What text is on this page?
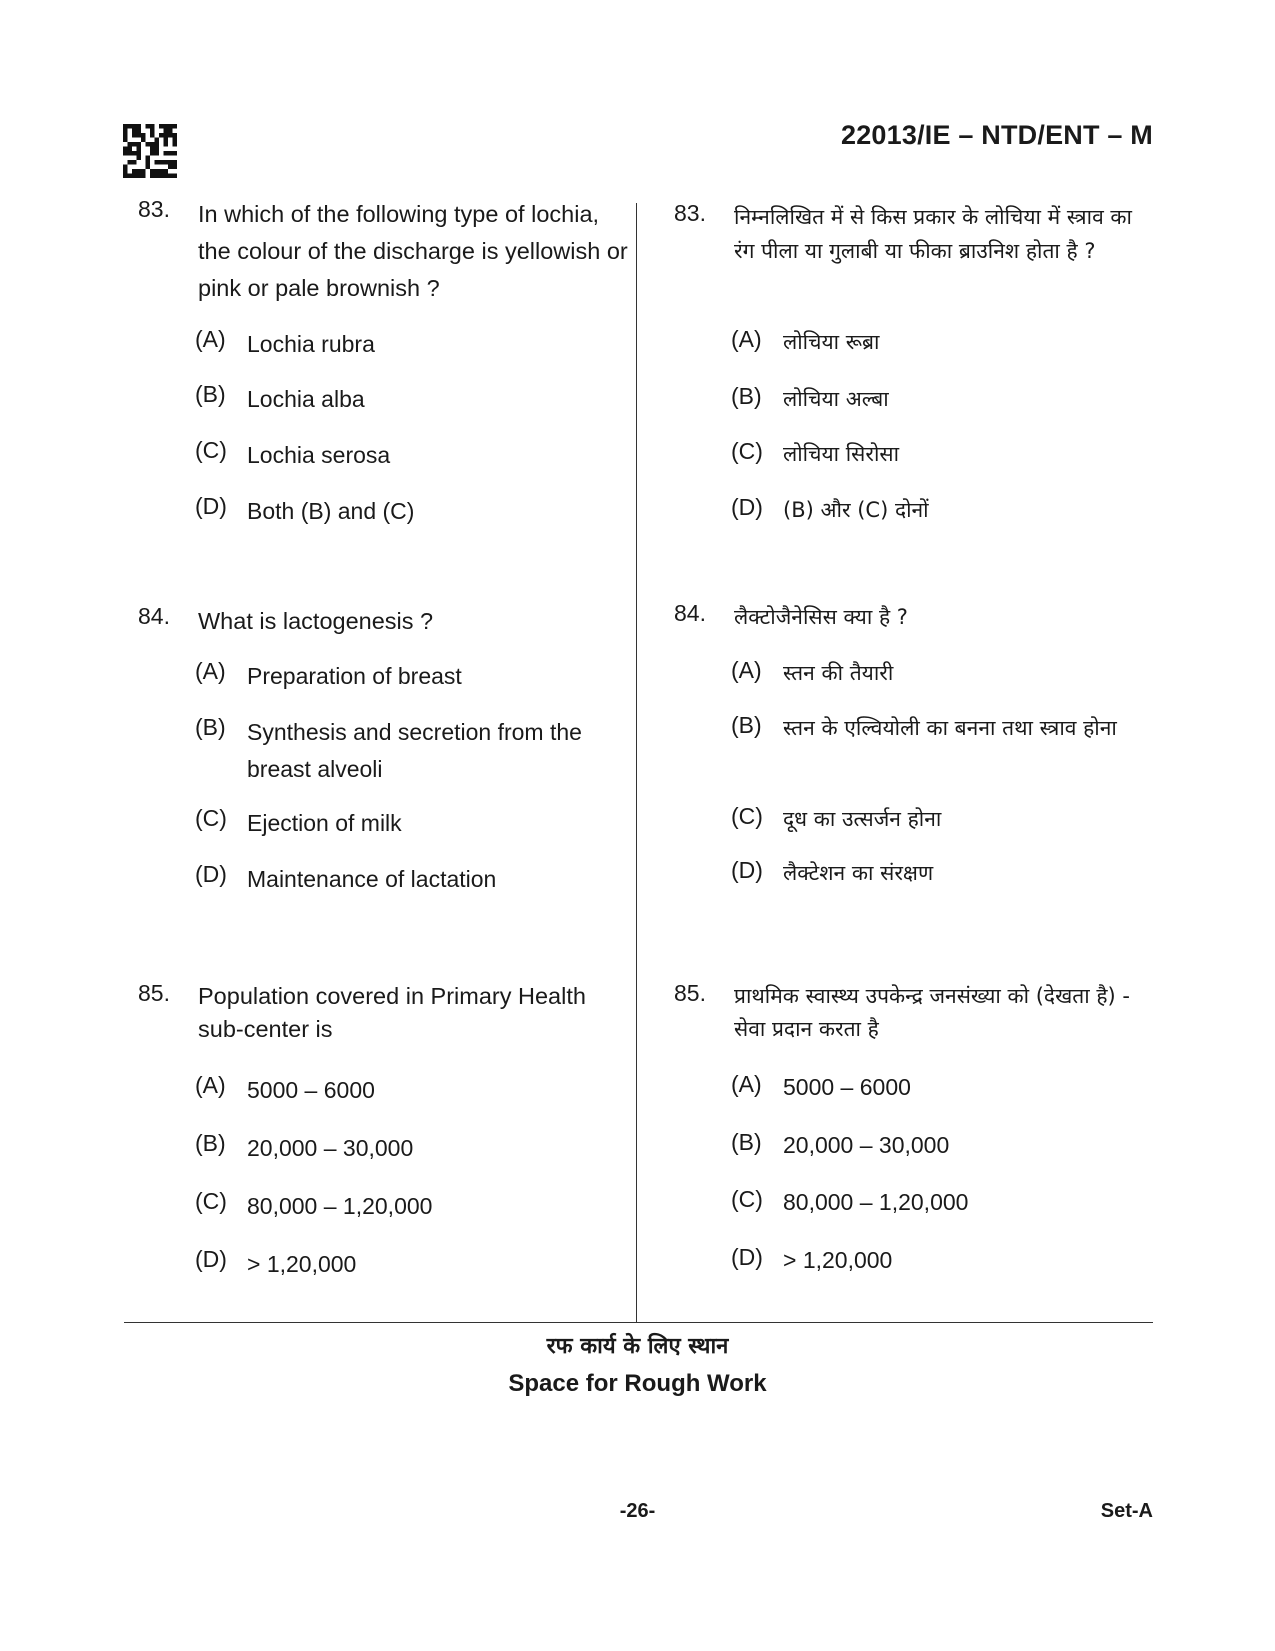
22013/IE – NTD/ENT – M
83. In which of the following type of lochia, the colour of the discharge is yellowish or pink or pale brownish ?
(A) Lochia rubra
(B) Lochia alba
(C) Lochia serosa
(D) Both (B) and (C)
84. What is lactogenesis ?
(A) Preparation of breast
(B) Synthesis and secretion from the breast alveoli
(C) Ejection of milk
(D) Maintenance of lactation
85. Population covered in Primary Health sub-center is
(A) 5000 – 6000
(B) 20,000 – 30,000
(C) 80,000 – 1,20,000
(D) > 1,20,000
83. निम्नलिखित में से किस प्रकार के लोचिया में स्त्राव का रंग पीला या गुलाबी या फीका ब्राउनिश होता है ?
(A) लोचिया रूब्रा
(B) लोचिया अल्बा
(C) लोचिया सिरोसा
(D) (B) और (C) दोनों
84. लैक्टोजैनेसिस क्या है ?
(A) स्तन की तैयारी
(B) स्तन के एल्वियोली का बनना तथा स्त्राव होना
(C) दूध का उत्सर्जन होना
(D) लैक्टेशन का संरक्षण
85. प्राथमिक स्वास्थ्य उपकेन्द्र जनसंख्या को (देखता है) - सेवा प्रदान करता है
(A) 5000 – 6000
(B) 20,000 – 30,000
(C) 80,000 – 1,20,000
(D) > 1,20,000
रफ कार्य के लिए स्थान
Space for Rough Work
-26-	Set-A
